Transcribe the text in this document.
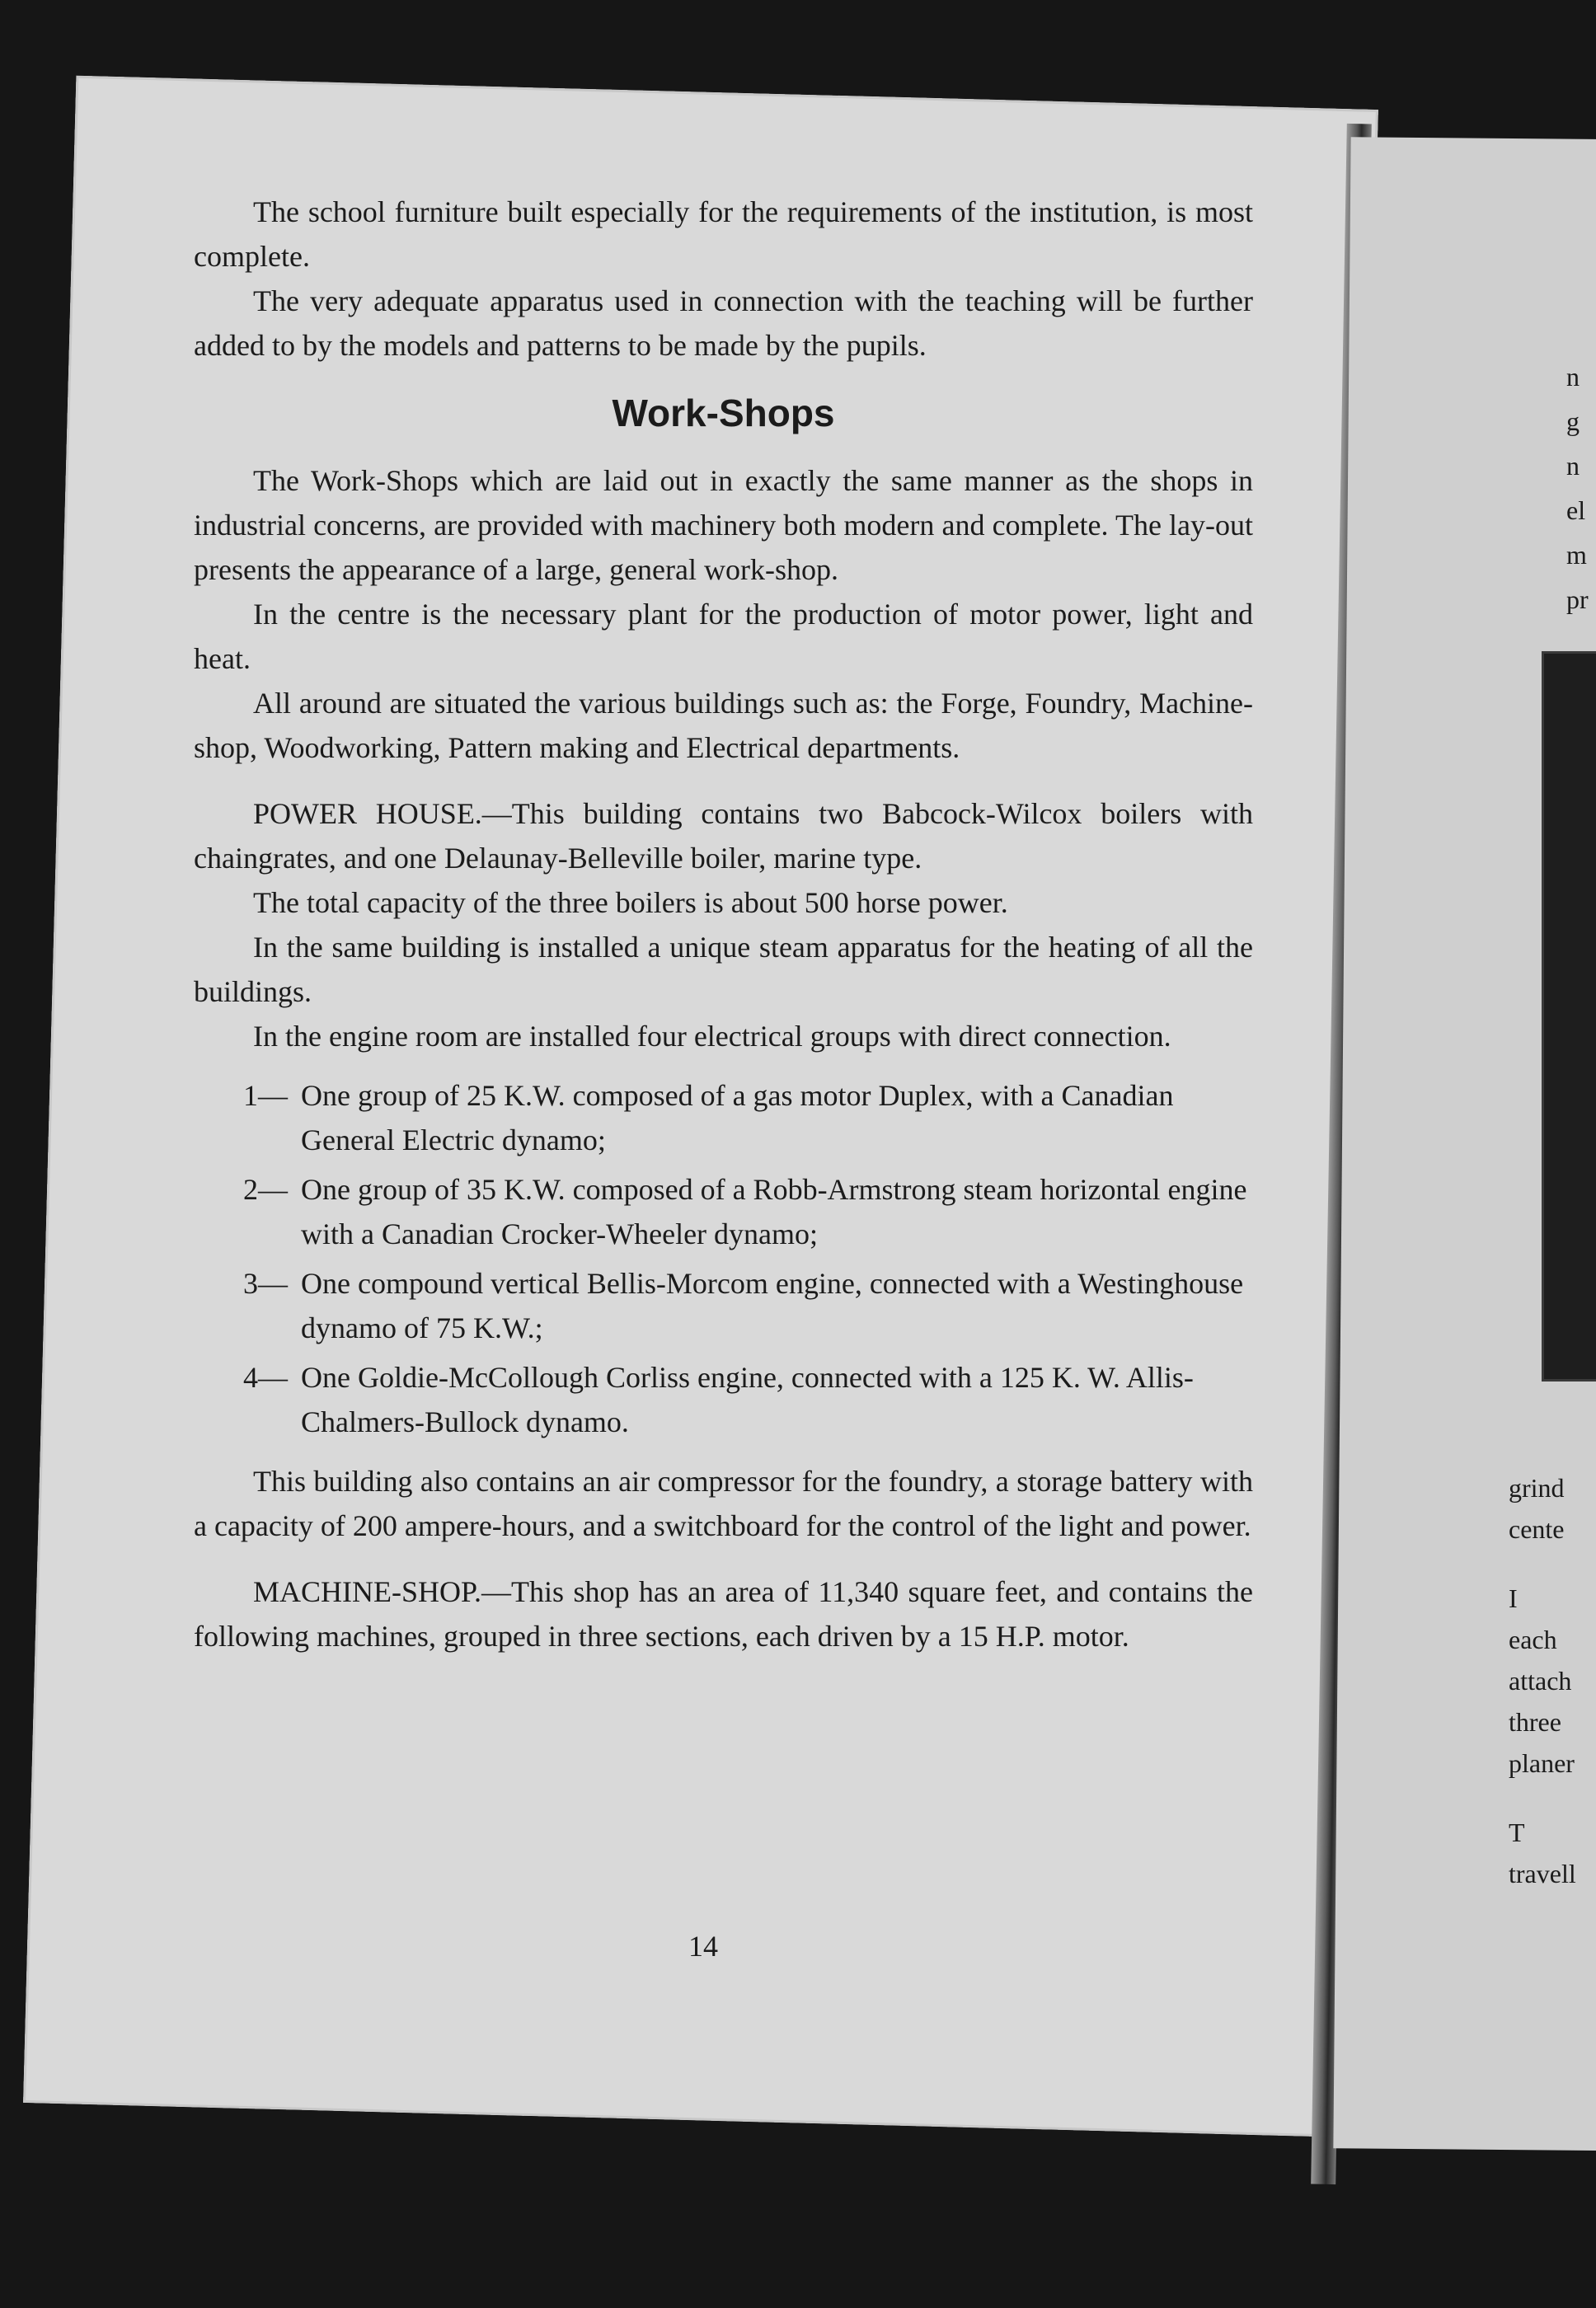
The school furniture built especially for the requirements of the institution, is most complete.

The very adequate apparatus used in connection with the teaching will be further added to by the models and patterns to be made by the pupils.

Work-Shops

The Work-Shops which are laid out in exactly the same manner as the shops in industrial concerns, are provided with machinery both modern and complete. The lay-out presents the appearance of a large, general work-shop.

In the centre is the necessary plant for the production of motor power, light and heat.

All around are situated the various buildings such as: the Forge, Foundry, Machine-shop, Woodworking, Pattern making and Electrical departments.

POWER HOUSE.—This building contains two Babcock-Wilcox boilers with chaingrates, and one Delaunay-Belleville boiler, marine type.

The total capacity of the three boilers is about 500 horse power.

In the same building is installed a unique steam apparatus for the heating of all the buildings.

In the engine room are installed four electrical groups with direct connection.

1— One group of 25 K.W. composed of a gas motor Duplex, with a Canadian General Electric dynamo;
2— One group of 35 K.W. composed of a Robb-Armstrong steam horizontal engine with a Canadian Crocker-Wheeler dynamo;
3— One compound vertical Bellis-Morcom engine, connected with a Westinghouse dynamo of 75 K.W.;
4— One Goldie-McCollough Corliss engine, connected with a 125 K. W. Allis-Chalmers-Bullock dynamo.

This building also contains an air compressor for the foundry, a storage battery with a capacity of 200 ampere-hours, and a switchboard for the control of the light and power.

MACHINE-SHOP.—This shop has an area of 11,340 square feet, and contains the following machines, grouped in three sections, each driven by a 15 H.P. motor.

14
n
g
n
el
m
pr
grind
cente
I
each
attach
three
planer
T
travell
